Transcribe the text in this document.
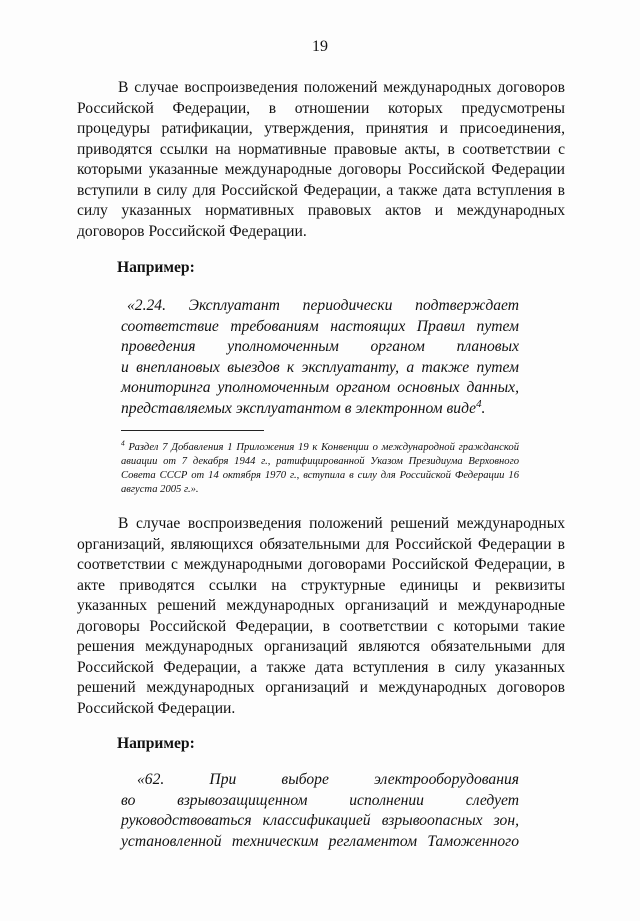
19

В случае воспроизведения положений международных договоров Российской Федерации, в отношении которых предусмотрены процедуры ратификации, утверждения, принятия и присоединения, приводятся ссылки на нормативные правовые акты, в соответствии с которыми указанные международные договоры Российской Федерации вступили в силу для Российской Федерации, а также дата вступления в силу указанных нормативных правовых актов и международных договоров Российской Федерации.

Например:
«2.24. Эксплуатант периодически подтверждает
соответствие требованиям настоящих Правил путем
проведения уполномоченным органом плановых
и внеплановых выездов к эксплуатанту, а также путем
мониторинга уполномоченным органом основных данных,
представляемых эксплуатантом в электронном виде$^4$.

$^4$ Раздел 7 Добавления 1 Приложения 19 к Конвенции о международной гражданской авиации от 7 декабря 1944 г., ратифицированной Указом Президиума Верховного Совета СССР от 14 октября 1970 г., вступила в силу для Российской Федерации 16 августа 2005 г.».

В случае воспроизведения положений решений международных организаций, являющихся обязательными для Российской Федерации в соответствии с международными договорами Российской Федерации, в акте приводятся ссылки на структурные единицы и реквизиты указанных решений международных организаций и международные договоры Российской Федерации, в соответствии с которыми такие решения международных организаций являются обязательными для Российской Федерации, а также дата вступления в силу указанных решений международных организаций и международных договоров Российской Федерации.

Например:
«62. При выборе электрооборудования
во взрывозащищенном исполнении следует
руководствоваться классификацией взрывоопасных зон,
установленной техническим регламентом Таможенного
